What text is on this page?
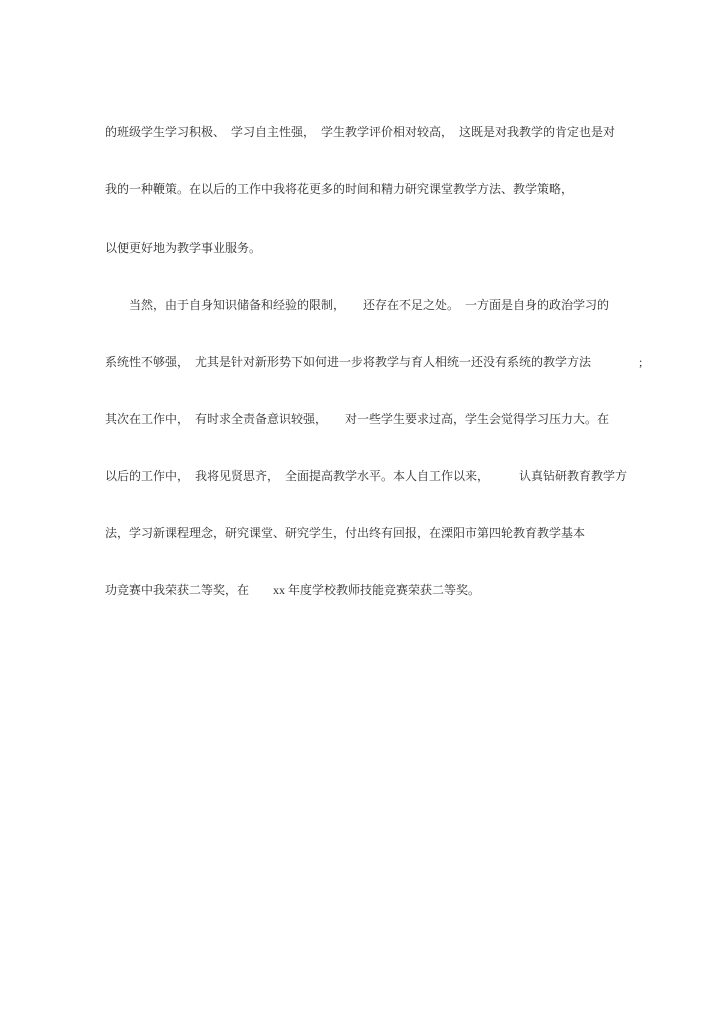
的班级学生学习积极、　学习自主性强，　学生教学评价相对较高，　这既是对我教学的肯定也是对

我的一种鞭策。在以后的工作中我将花更多的时间和精力研究课堂教学方法、教学策略，

以便更好地为教学事业服务。

　　当然，由于自身知识储备和经验的限制，　　还存在不足之处。　一方面是自身的政治学习的

系统性不够强，　尤其是针对新形势下如何进一步将教学与育人相统一还没有系统的教学方法　　　　;

其次在工作中，　有时求全责备意识较强，　　对一些学生要求过高，学生会觉得学习压力大。在

以后的工作中，　我将见贤思齐，　全面提高教学水平。本人自工作以来，　　　认真钻研教育教学方

法，学习新课程理念，研究课堂、研究学生，付出终有回报，在溧阳市第四轮教育教学基本

功竞赛中我荣获二等奖，在　　xx 年度学校教师技能竞赛荣获二等奖。
